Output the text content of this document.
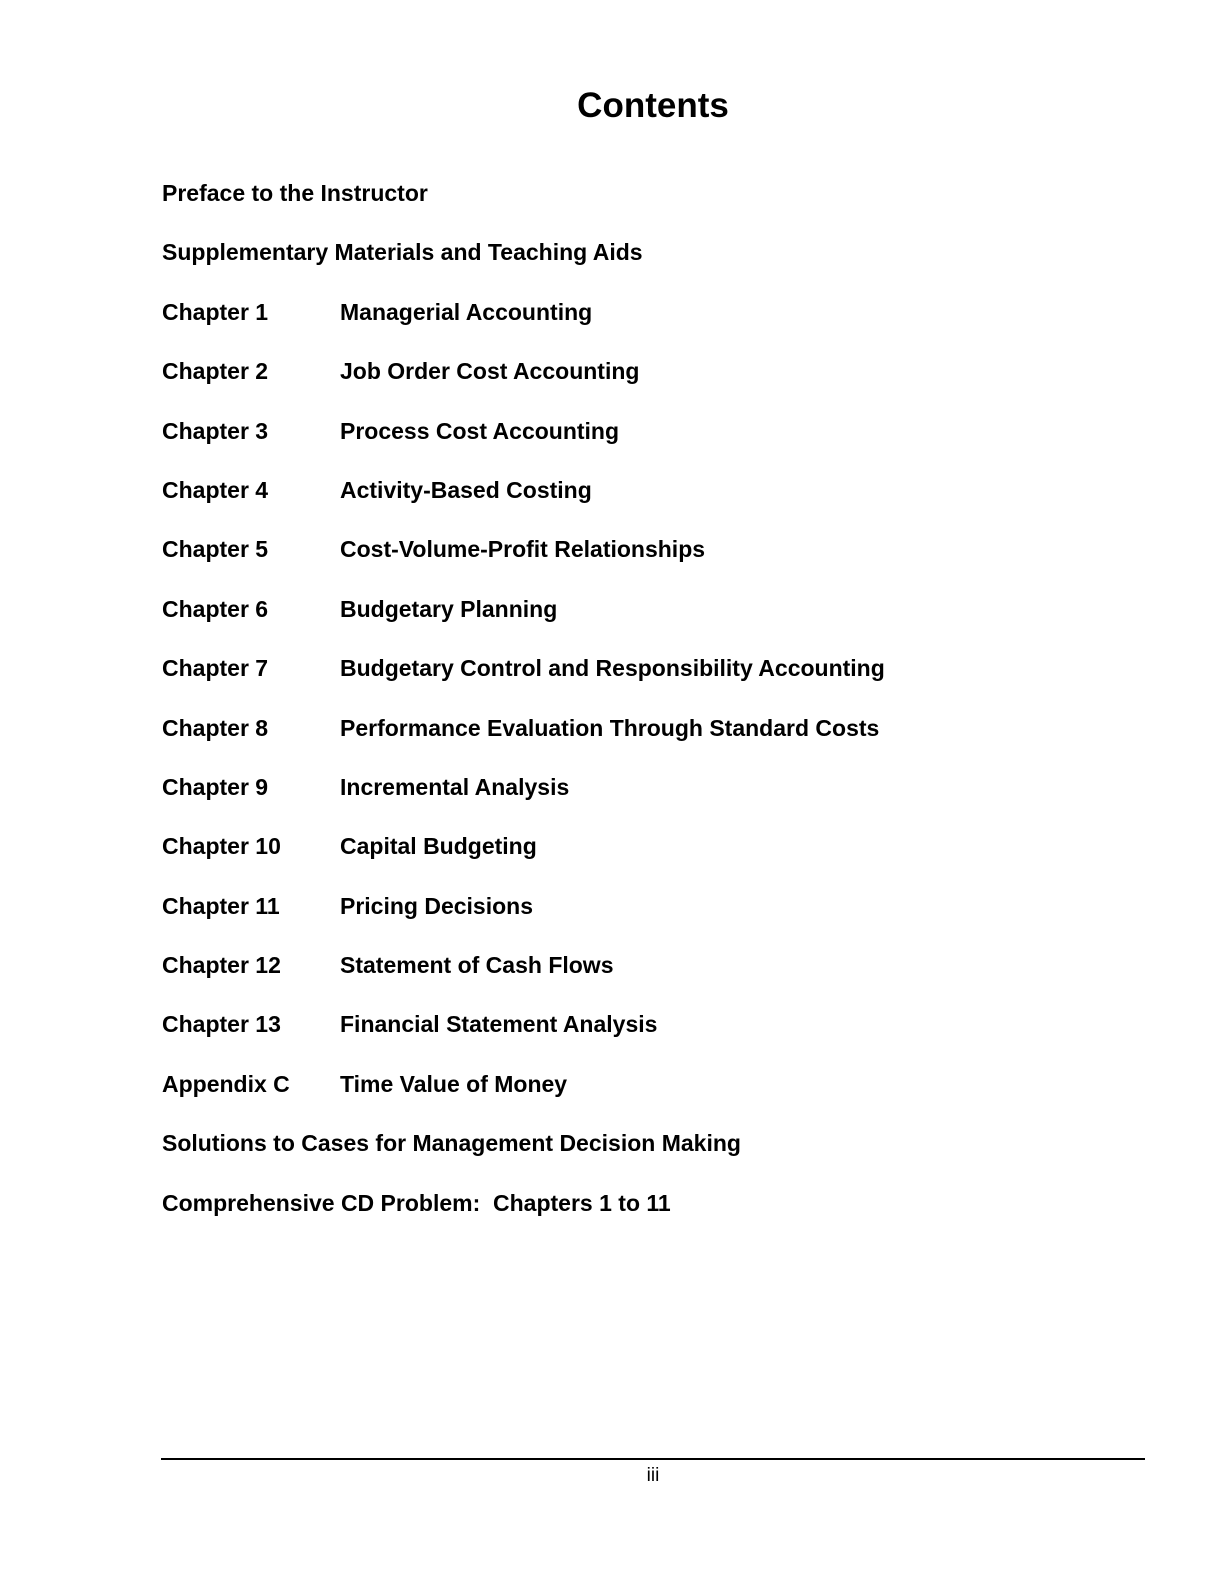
Contents
Preface to the Instructor
Supplementary Materials and Teaching Aids
Chapter 1	Managerial Accounting
Chapter 2	Job Order Cost Accounting
Chapter 3	Process Cost Accounting
Chapter 4	Activity-Based Costing
Chapter 5	Cost-Volume-Profit Relationships
Chapter 6	Budgetary Planning
Chapter 7	Budgetary Control and Responsibility Accounting
Chapter 8	Performance Evaluation Through Standard Costs
Chapter 9	Incremental Analysis
Chapter 10	Capital Budgeting
Chapter 11	Pricing Decisions
Chapter 12	Statement of Cash Flows
Chapter 13	Financial Statement Analysis
Appendix C	Time Value of Money
Solutions to Cases for Management Decision Making
Comprehensive CD Problem:  Chapters 1 to 11
iii
